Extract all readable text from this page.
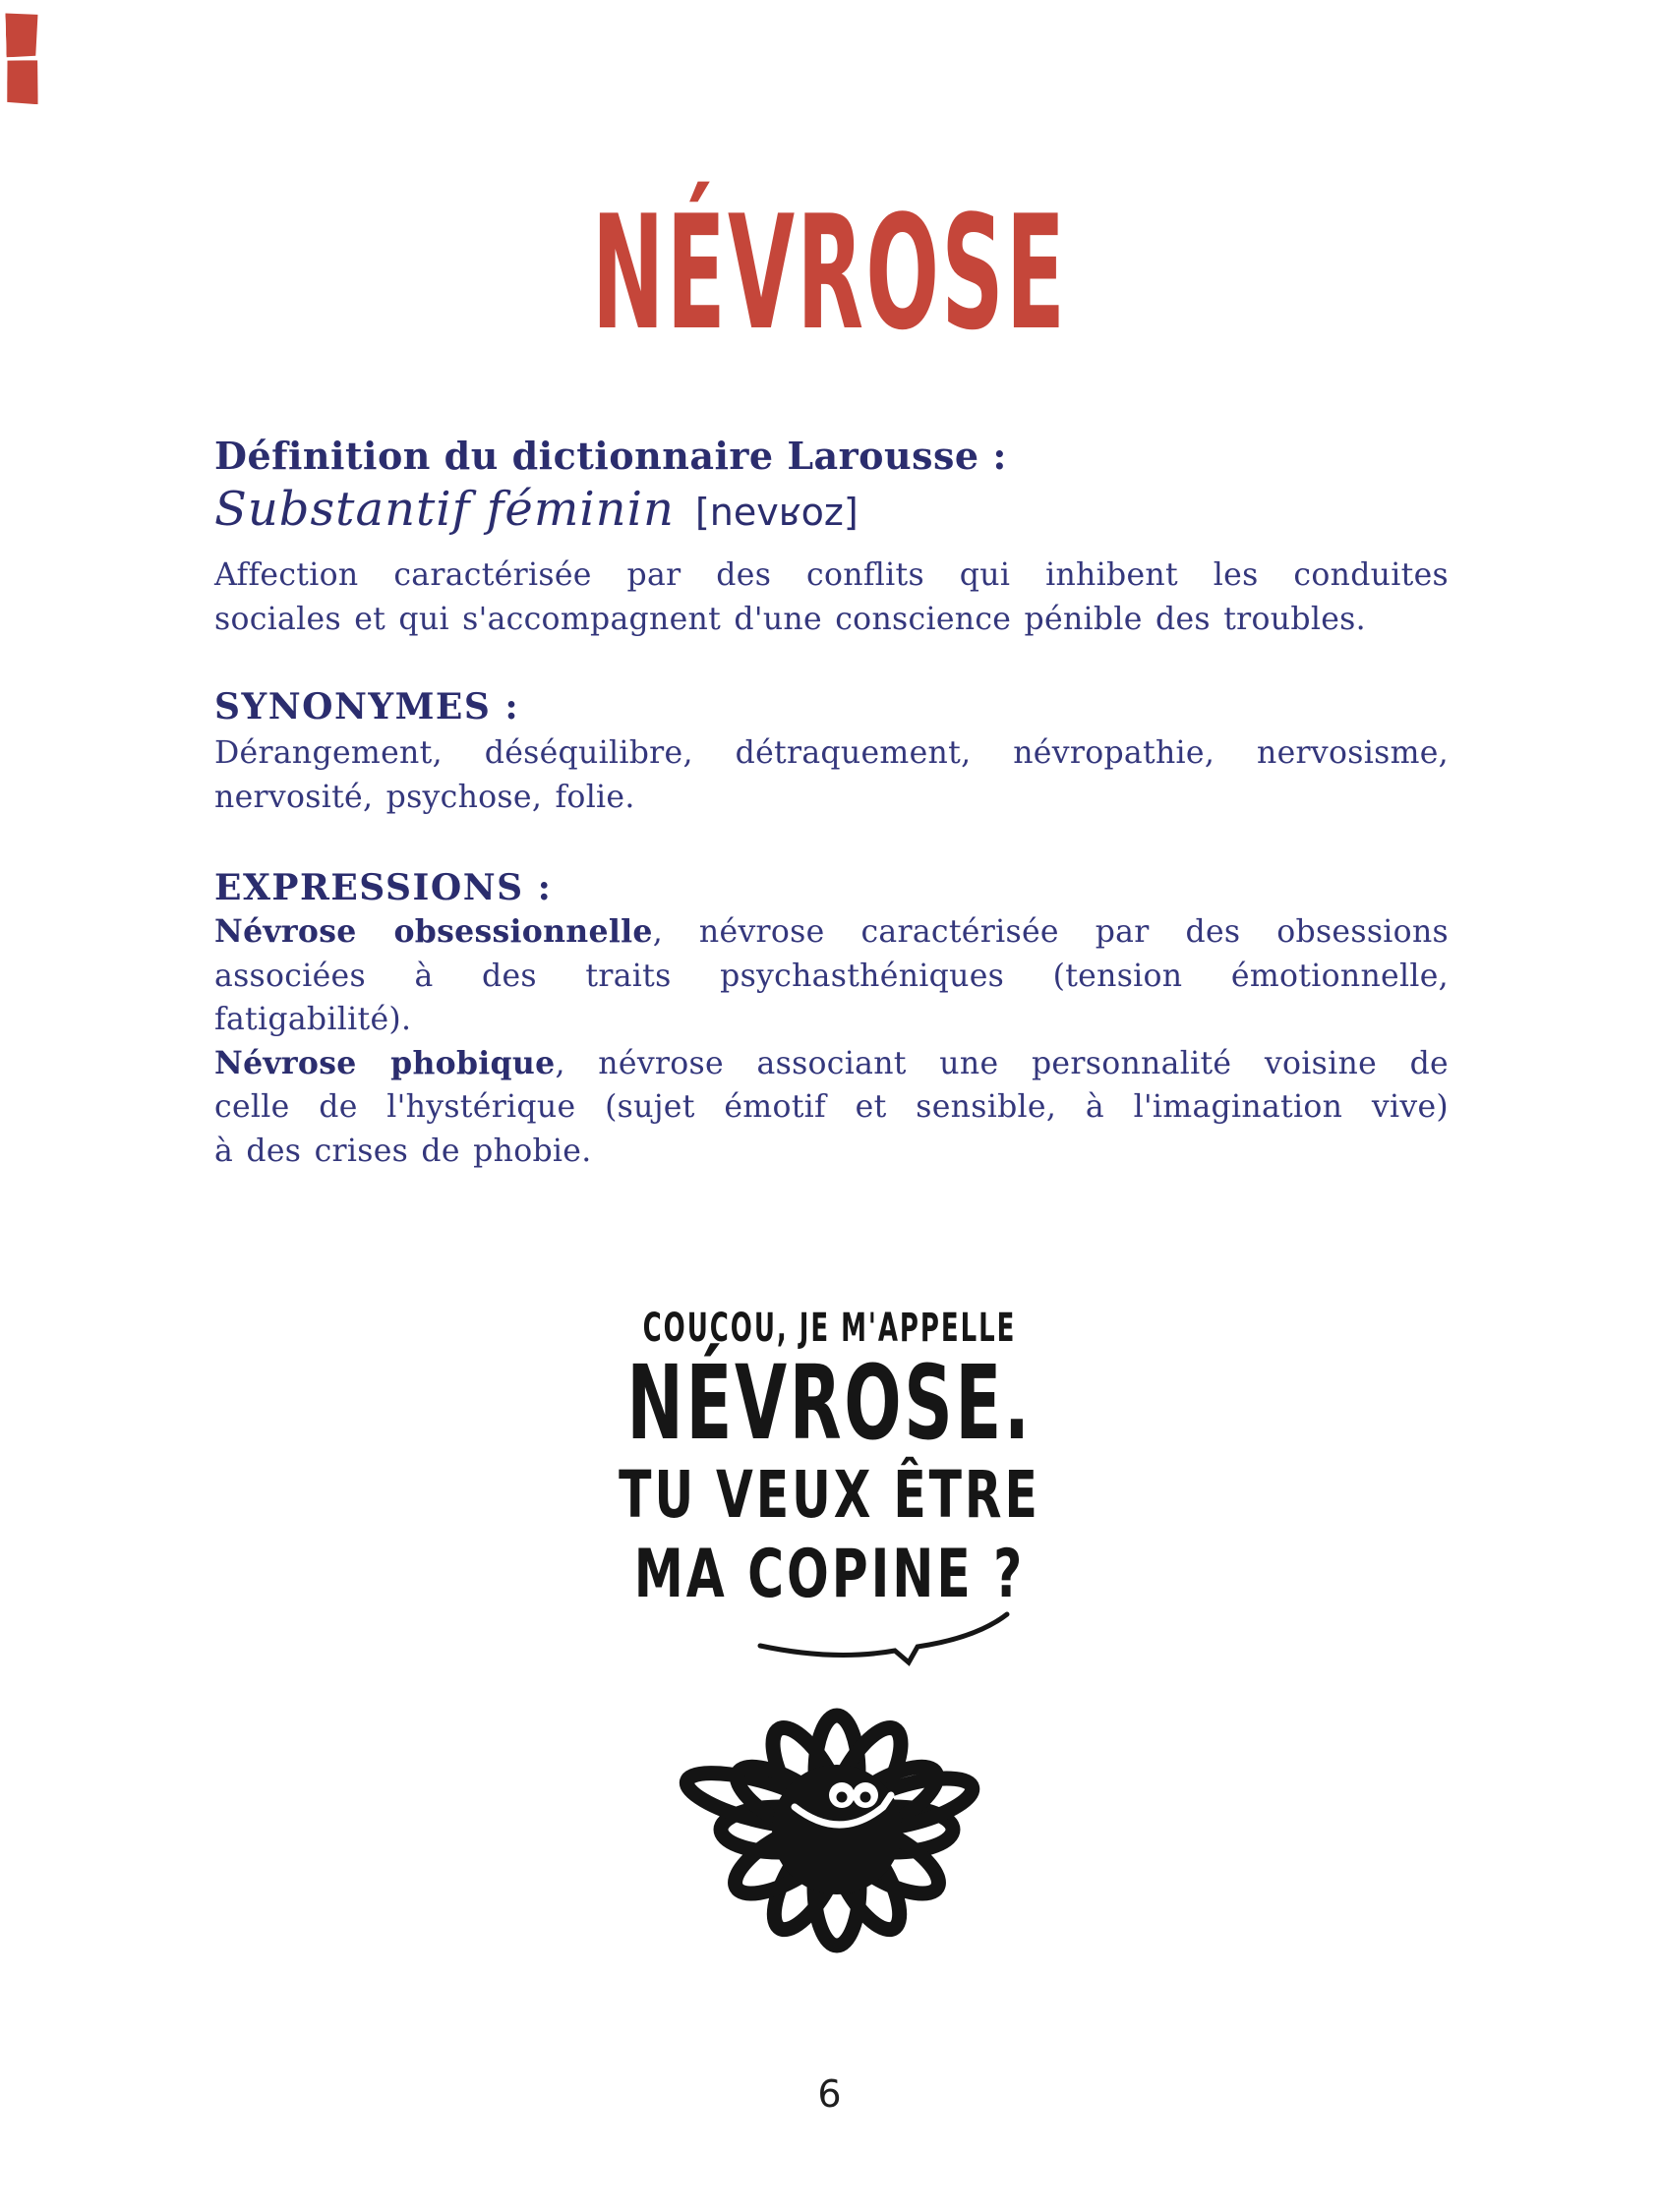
NÉVROSE
Définition du dictionnaire Larousse :
Substantif féminin [nevʁoz]
Affection caractérisée par des conflits qui inhibent les conduites
sociales et qui s'accompagnent d'une conscience pénible des troubles.
SYNONYMES :
Dérangement, déséquilibre, détraquement, névropathie, nervosisme,
nervosité, psychose, folie.
EXPRESSIONS :
Névrose obsessionnelle, névrose caractérisée par des obsessions
associées à des traits psychasthéniques (tension émotionnelle,
fatigabilité).
Névrose phobique, névrose associant une personnalité voisine de
celle de l'hystérique (sujet émotif et sensible, à l'imagination vive)
à des crises de phobie.
COUCOU, JE M'APPELLE
NÉVROSE.
TU VEUX ÊTRE
MA COPINE ?
6
